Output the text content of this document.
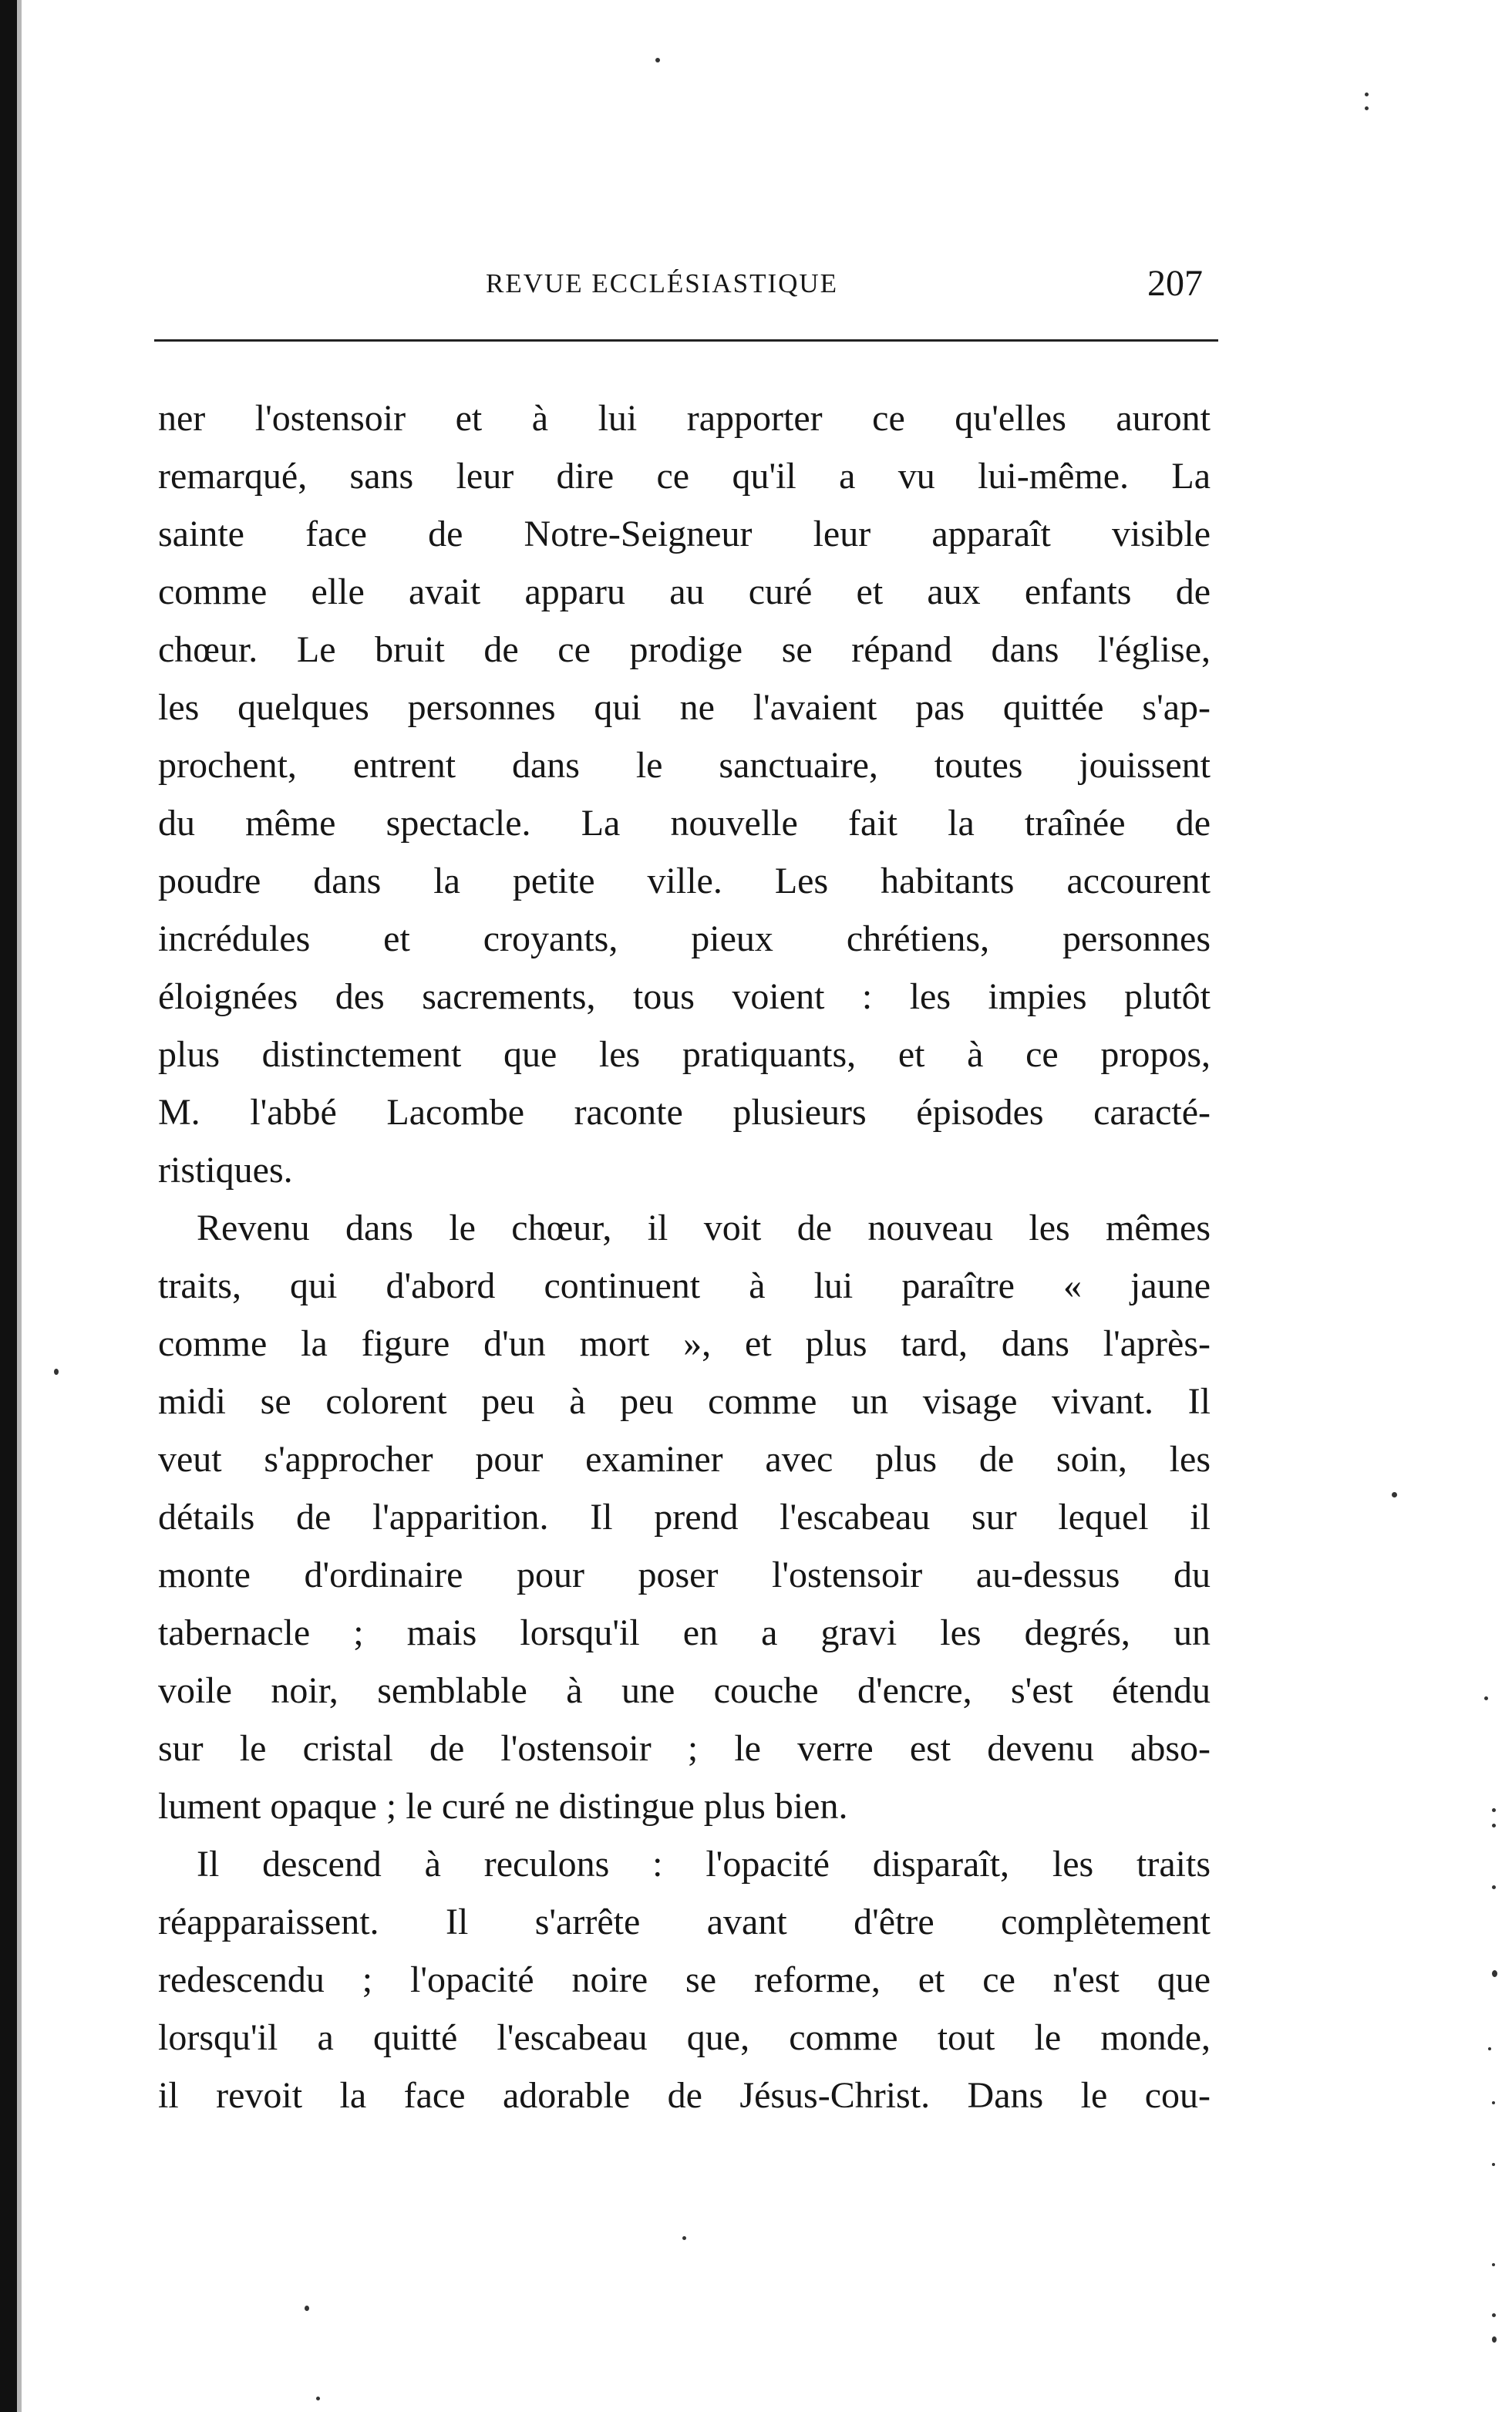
REVUE ECCLÉSIASTIQUE	207
ner l'ostensoir et à lui rapporter ce qu'elles auront
remarqué, sans leur dire ce qu'il a vu lui-même. La
sainte face de Notre-Seigneur leur apparaît visible
comme elle avait apparu au curé et aux enfants de
chœur. Le bruit de ce prodige se répand dans l'église,
les quelques personnes qui ne l'avaient pas quittée s'ap-
prochent, entrent dans le sanctuaire, toutes jouissent
du même spectacle. La nouvelle fait la traînée de
poudre dans la petite ville. Les habitants accourent
incrédules et croyants, pieux chrétiens, personnes
éloignées des sacrements, tous voient : les impies plutôt
plus distinctement que les pratiquants, et à ce propos,
M. l'abbé Lacombe raconte plusieurs épisodes caracté-
ristiques.
Revenu dans le chœur, il voit de nouveau les mêmes
traits, qui d'abord continuent à lui paraître « jaune
comme la figure d'un mort », et plus tard, dans l'après-
midi se colorent peu à peu comme un visage vivant. Il
veut s'approcher pour examiner avec plus de soin, les
détails de l'apparition. Il prend l'escabeau sur lequel il
monte d'ordinaire pour poser l'ostensoir au-dessus du
tabernacle ; mais lorsqu'il en a gravi les degrés, un
voile noir, semblable à une couche d'encre, s'est étendu
sur le cristal de l'ostensoir ; le verre est devenu abso-
lument opaque ; le curé ne distingue plus bien.
Il descend à reculons : l'opacité disparaît, les traits
réapparaissent. Il s'arrête avant d'être complètement
redescendu ; l'opacité noire se reforme, et ce n'est que
lorsqu'il a quitté l'escabeau que, comme tout le monde,
il revoit la face adorable de Jésus-Christ. Dans le cou-
